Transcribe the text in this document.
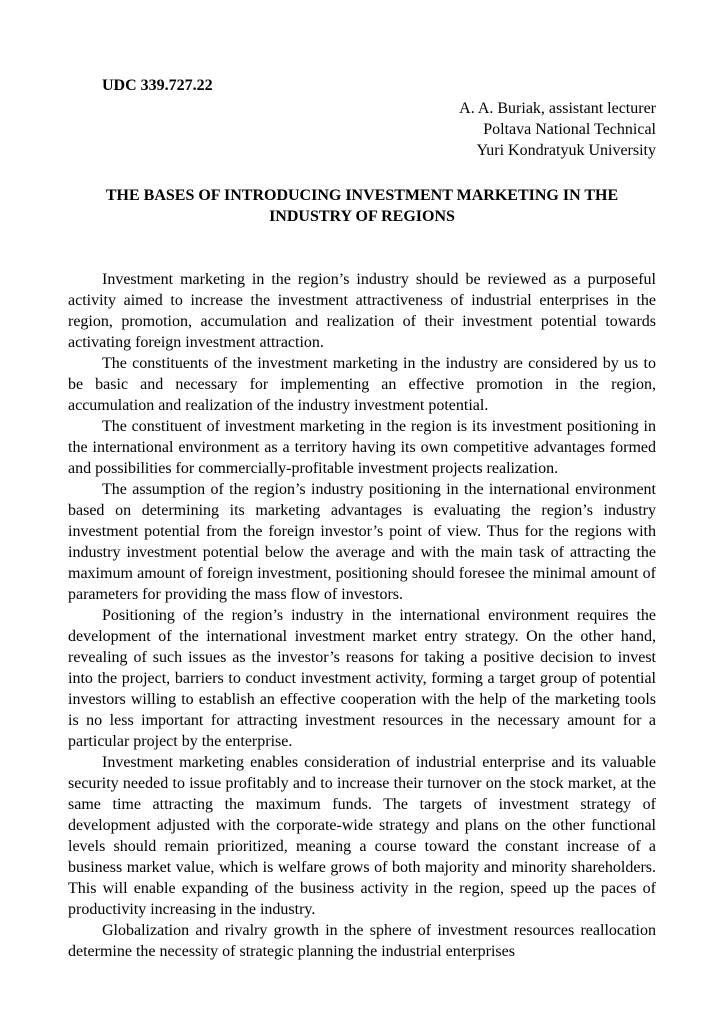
UDC 339.727.22
A. A. Buriak, assistant lecturer
Poltava National Technical
Yuri Kondratyuk University
THE BASES OF INTRODUCING INVESTMENT MARKETING IN THE INDUSTRY OF REGIONS

Investment marketing in the region’s industry should be reviewed as a purposeful activity aimed to increase the investment attractiveness of industrial enterprises in the region, promotion, accumulation and realization of their investment potential towards activating foreign investment attraction.

The constituents of the investment marketing in the industry are considered by us to be basic and necessary for implementing an effective promotion in the region, accumulation and realization of the industry investment potential.

The constituent of investment marketing in the region is its investment positioning in the international environment as a territory having its own competitive advantages formed and possibilities for commercially-profitable investment projects realization.

The assumption of the region’s industry positioning in the international environment based on determining its marketing advantages is evaluating the region’s industry investment potential from the foreign investor’s point of view. Thus for the regions with industry investment potential below the average and with the main task of attracting the maximum amount of foreign investment, positioning should foresee the minimal amount of parameters for providing the mass flow of investors.

Positioning of the region’s industry in the international environment requires the development of the international investment market entry strategy. On the other hand, revealing of such issues as the investor’s reasons for taking a positive decision to invest into the project, barriers to conduct investment activity, forming a target group of potential investors willing to establish an effective cooperation with the help of the marketing tools is no less important for attracting investment resources in the necessary amount for a particular project by the enterprise.

Investment marketing enables consideration of industrial enterprise and its valuable security needed to issue profitably and to increase their turnover on the stock market, at the same time attracting the maximum funds. The targets of investment strategy of development adjusted with the corporate-wide strategy and plans on the other functional levels should remain prioritized, meaning a course toward the constant increase of a business market value, which is welfare grows of both majority and minority shareholders. This will enable expanding of the business activity in the region, speed up the paces of productivity increasing in the industry.

Globalization and rivalry growth in the sphere of investment resources reallocation determine the necessity of strategic planning the industrial enterprises
